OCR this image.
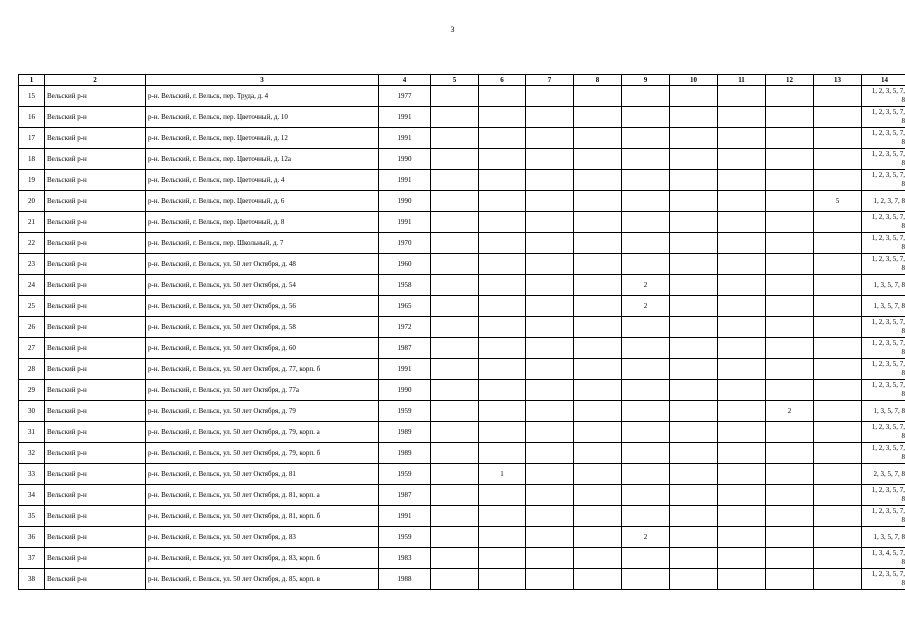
3
1	2	3	4	5	6	7	8	9	10	11	12	13	14
15	Вельский р-н	р-н. Вельский, г. Вельск, пер. Труда, д. 4	1977										1, 2, 3, 5, 7,
8

16	Вельский р-н	р-н. Вельский, г. Вельск, пер. Цветочный, д. 10	1991										1, 2, 3, 5, 7,
8

17	Вельский р-н	р-н. Вельский, г. Вельск, пер. Цветочный, д. 12	1991										1, 2, 3, 5, 7,
8

18	Вельский р-н	р-н. Вельский, г. Вельск, пер. Цветочный, д. 12а	1990										1, 2, 3, 5, 7,
8

19	Вельский р-н	р-н. Вельский, г. Вельск, пер. Цветочный, д. 4	1991										1, 2, 3, 5, 7,
8

20	Вельский р-н	р-н. Вельский, г. Вельск, пер. Цветочный, д. 6	1990									5	1, 2, 3, 7, 8

21	Вельский р-н	р-н. Вельский, г. Вельск, пер. Цветочный, д. 8	1991										1, 2, 3, 5, 7,
8

22	Вельский р-н	р-н. Вельский, г. Вельск, пер. Школьный, д. 7	1970										1, 2, 3, 5, 7,
8

23	Вельский р-н	р-н. Вельский, г. Вельск, ул. 50 лет Октября, д. 48	1960										1, 2, 3, 5, 7,
8

24	Вельский р-н	р-н. Вельский, г. Вельск, ул. 50 лет Октября, д. 54	1958					2					1, 3, 5, 7, 8

25	Вельский р-н	р-н. Вельский, г. Вельск, ул. 50 лет Октября, д. 56	1965					2					1, 3, 5, 7, 8

26	Вельский р-н	р-н. Вельский, г. Вельск, ул. 50 лет Октября, д. 58	1972										1, 2, 3, 5, 7,
8

27	Вельский р-н	р-н. Вельский, г. Вельск, ул. 50 лет Октября, д. 60	1987										1, 2, 3, 5, 7,
8

28	Вельский р-н	р-н. Вельский, г. Вельск, ул. 50 лет Октября, д. 77, корп. б	1991										1, 2, 3, 5, 7,
8

29	Вельский р-н	р-н. Вельский, г. Вельск, ул. 50 лет Октября, д. 77а	1990										1, 2, 3, 5, 7,
8

30	Вельский р-н	р-н. Вельский, г. Вельск, ул. 50 лет Октября, д. 79	1959								2		1, 3, 5, 7, 8

31	Вельский р-н	р-н. Вельский, г. Вельск, ул. 50 лет Октября, д. 79, корп. а	1989										1, 2, 3, 5, 7,
8

32	Вельский р-н	р-н. Вельский, г. Вельск, ул. 50 лет Октября, д. 79, корп. б	1989										1, 2, 3, 5, 7,
8

33	Вельский р-н	р-н. Вельский, г. Вельск, ул. 50 лет Октября, д. 81	1959		1								2, 3, 5, 7, 8

34	Вельский р-н	р-н. Вельский, г. Вельск, ул. 50 лет Октября, д. 81, корп. а	1987										1, 2, 3, 5, 7,
8

35	Вельский р-н	р-н. Вельский, г. Вельск, ул. 50 лет Октября, д. 81, корп. б	1991										1, 2, 3, 5, 7,
8

36	Вельский р-н	р-н. Вельский, г. Вельск, ул. 50 лет Октября, д. 83	1959					2					1, 3, 5, 7, 8

37	Вельский р-н	р-н. Вельский, г. Вельск, ул. 50 лет Октября, д. 83, корп. б	1983										1, 3, 4, 5, 7,
8

38	Вельский р-н	р-н. Вельский, г. Вельск, ул. 50 лет Октября, д. 85, корп. в	1988										1, 2, 3, 5, 7,
8
